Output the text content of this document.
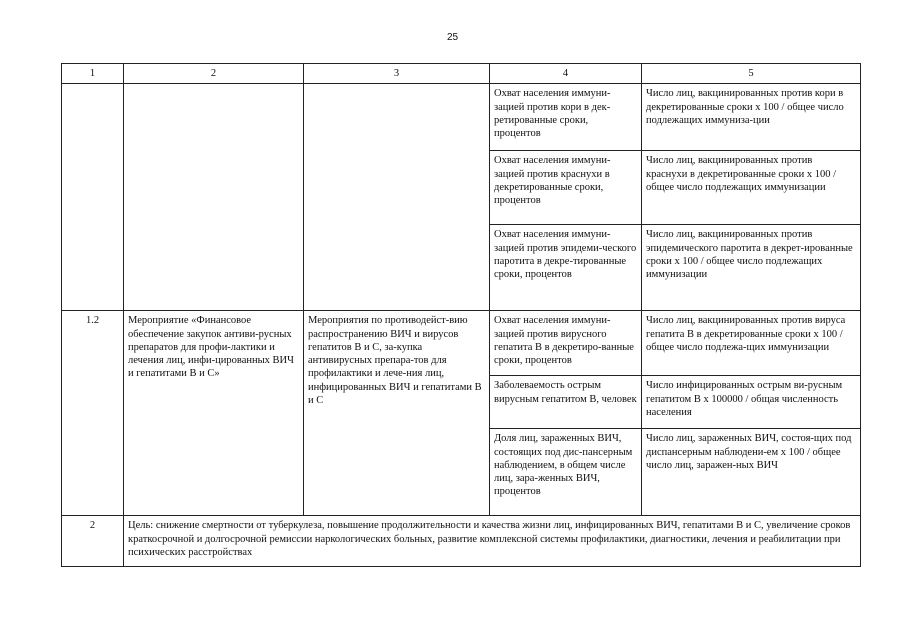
25
1	2	3	4	5
			Охват населения иммуни-зацией против кори в дек-ретированные сроки, процентов	Число лиц, вакцинированных против кори в декретированные сроки х 100 / общее число подлежащих иммуниза-ции
			Охват населения иммуни-зацией против краснухи в декретированные сроки, процентов	Число лиц, вакцинированных против краснухи в декретированные сроки х 100 / общее число подлежащих иммунизации
			Охват населения иммуни-зацией против эпидеми-ческого паротита в декре-тированные сроки, процентов	Число лиц, вакцинированных против эпидемического паротита в декрет-ированные сроки х 100 / общее число подлежащих иммунизации
1.2	Мероприятие «Финансовое обеспечение закупок антиви-русных препаратов для профи-лактики и лечения лиц, инфи-цированных ВИЧ и гепатитами В и С»	Мероприятия по противодейст-вию распространению ВИЧ и вирусов гепатитов В и С, за-купка антивирусных препара-тов для профилактики и лече-ния лиц, инфицированных ВИЧ и гепатитами В и С	Охват населения иммуни-зацией против вирусного гепатита В в декретиро-ванные сроки, процентов	Число лиц, вакцинированных против вируса гепатита В в декретированные сроки х 100 / общее число подлежа-щих иммунизации
			Заболеваемость острым вирусным гепатитом В, человек	Число инфицированных острым ви-русным гепатитом В х 100000 / общая численность населения
			Доля лиц, зараженных ВИЧ, состоящих под дис-пансерным наблюдением, в общем числе лиц, зара-женных ВИЧ, процентов	Число лиц, зараженных ВИЧ, состоя-щих под диспансерным наблюдени-ем х 100 / общее число лиц, заражен-ных ВИЧ
2	Цель: снижение смертности от туберкулеза, повышение продолжительности и качества жизни лиц, инфицированных ВИЧ, гепатитами В и С, увеличение сроков краткосрочной и долгосрочной ремиссии наркологических больных, развитие комплексной системы профилактики, диагностики, лечения и реабилитации при психических расстройствах			
